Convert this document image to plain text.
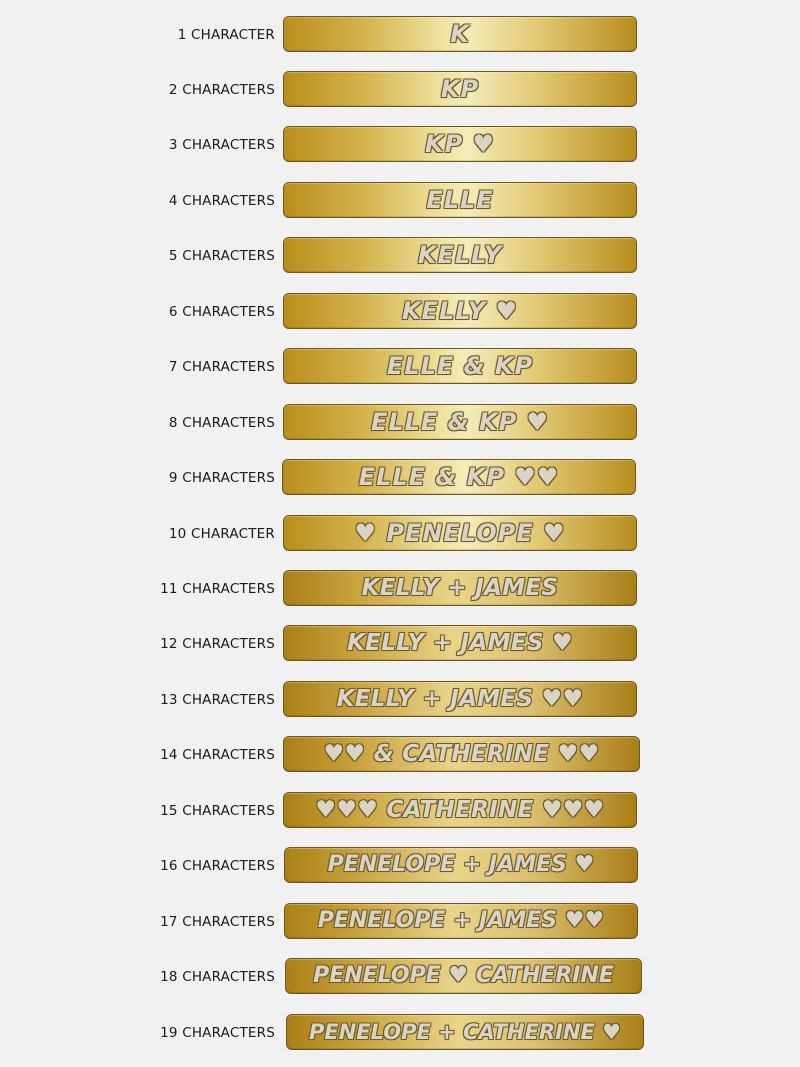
1 CHARACTER	K
2 CHARACTERS	KP
3 CHARACTERS	KP ♥
4 CHARACTERS	ELLE
5 CHARACTERS	KELLY
6 CHARACTERS	KELLY ♥
7 CHARACTERS	ELLE & KP
8 CHARACTERS	ELLE & KP ♥
9 CHARACTERS	ELLE & KP ♥♥
10 CHARACTER	♥ PENELOPE ♥
11 CHARACTERS	KELLY + JAMES
12 CHARACTERS	KELLY + JAMES ♥
13 CHARACTERS	KELLY + JAMES ♥♥
14 CHARACTERS ♥♥ & CATHERINE ♥♥
15 CHARACTERS ♥♥♥ CATHERINE ♥♥♥
16 CHARACTERS PENELOPE + JAMES ♥
17 CHARACTERS PENELOPE + JAMES ♥♥
18 CHARACTERS PENELOPE ♥ CATHERINE
19 CHARACTERS PENELOPE + CATHERINE ♥
